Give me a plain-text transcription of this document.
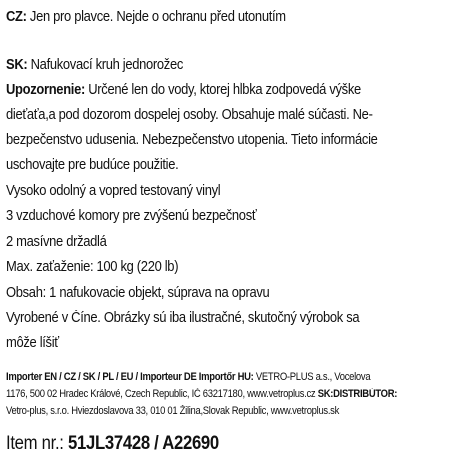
CZ: Jen pro plavce. Nejde o ochranu před utonutím
SK: Nafukovací kruh jednorožec
Upozornenie: Určené len do vody, ktorej hĺbka zodpovedá výške
dieťaťa,a pod dozorom dospelej osoby. Obsahuje malé súčasti. Ne-
bezpečenstvo udusenia. Nebezpečenstvo utopenia. Tieto informácie
uschovajte pre budúce použitie.
Vysoko odolný a vopred testovaný vinyl
3 vzduchové komory pre zvýšenú bezpečnosť
2 masívne držadlá
Max. zaťaženie: 100 kg (220 lb)
Obsah: 1 nafukovacie objekt, súprava na opravu
Vyrobené v Číne. Obrázky sú iba ilustračné, skutočný výrobok sa
môže líšiť
Importer EN / CZ / SK / PL / EU / Importeur DE Importőr HU: VETRO-PLUS a.s., Vocelova
1176, 500 02 Hradec Králové, Czech Republic, IČ 63217180, www.vetroplus.cz SK:DISTRIBÚTOR:
Vetro-plus, s.r.o. Hviezdoslavova 33, 010 01 Žilina,Slovak Republic, www.vetroplus.sk
Item nr.: 51JL37428 / A22690
